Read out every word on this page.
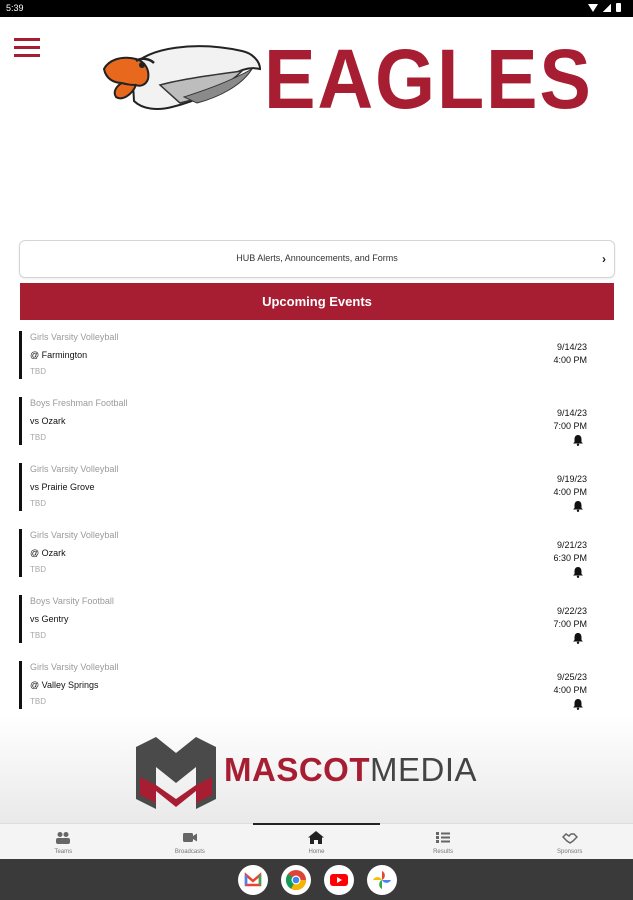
5:39
EAGLES
HUB Alerts, Announcements, and Forms	›
Upcoming Events
Girls Varsity Volleyball
@ Farmington
TBD
9/14/23
4:00 PM
Boys Freshman Football
vs Ozark
TBD
9/14/23
7:00 PM
Girls Varsity Volleyball
vs Prairie Grove
TBD
9/19/23
4:00 PM
Girls Varsity Volleyball
@ Ozark
TBD
9/21/23
6:30 PM
Boys Varsity Football
vs Gentry
TBD
9/22/23
7:00 PM
Girls Varsity Volleyball
@ Valley Springs
TBD
9/25/23
4:00 PM
MASCOTMEDIA
Teams	Broadcasts	Home	Results	Sponsors
